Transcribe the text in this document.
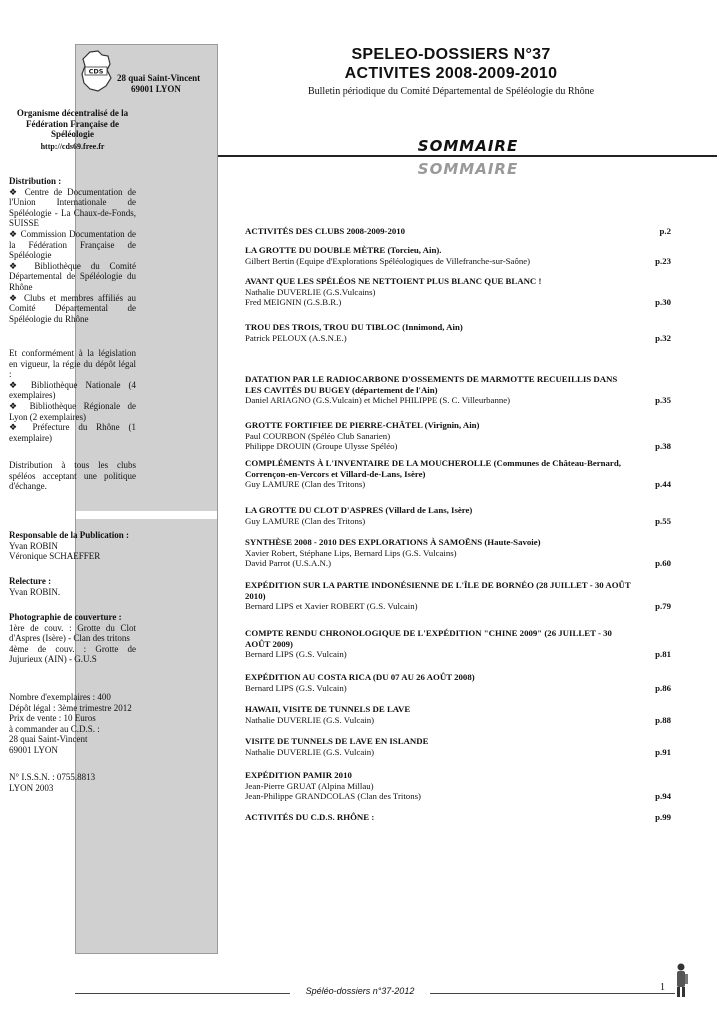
CDS
28 quai Saint-Vincent
69001 LYON

Organisme décentralisé de la Fédération Française de Spéléologie

http://cds69.free.fr

Distribution :

❖ Centre de Documentation de l'Union Internationale de Spéléologie - La Chaux-de-Fonds, SUISSE

❖ Commission Documentation de la Fédération Française de Spéléologie

❖ Bibliothèque du Comité Départemental de Spéléologie du Rhône

❖ Clubs et membres affiliés au Comité Départemental de Spéléologie du Rhône

Et conformément à la législation en vigueur, la régie du dépôt légal :

❖ Bibliothèque Nationale (4 exemplaires)

❖ Bibliothèque Régionale de Lyon (2 exemplaires)

❖ Préfecture du Rhône (1 exemplaire)

Distribution à tous les clubs spéléos acceptant une politique d'échange.

Responsable de la Publication :

Yvan ROBIN

Véronique SCHAEFFER

Relecture :

Yvan ROBIN.

Photographie de couverture :

1ère de couv. : Grotte du Clot d'Aspres (Isère) - Clan des tritons

4ème de couv. : Grotte de Jujurieux (AIN) - G.U.S

Nombre d'exemplaires : 400

Dépôt légal : 3ème trimestre 2012

Prix de vente : 10 Euros

à commander au C.D.S. :

28 quai Saint-Vincent

69001 LYON

N° I.S.S.N. : 0755.8813

LYON 2003

SPELEO-DOSSIERS N°37
ACTIVITES 2008-2009-2010
Bulletin périodique du Comité Départemental de Spéléologie du Rhône
SOMMAIRE
SOMMAIRE
ACTIVITÉS DES CLUBS 2008-2009-2010	p.2
LA GROTTE DU DOUBLE MÈTRE (Torcieu, Ain).
Gilbert Bertin (Equipe d'Explorations Spéléologiques de Villefranche-sur-Saône)	p.23
AVANT QUE LES SPÉLÉOS NE NETTOIENT PLUS BLANC QUE BLANC !
Nathalie DUVERLIE (G.S.Vulcains)
Fred MEIGNIN (G.S.B.R.)	p.30
TROU DES TROIS, TROU DU TIBLOC (Innimond, Ain)
Patrick PELOUX (A.S.N.E.)	p.32
DATATION PAR LE RADIOCARBONE D'OSSEMENTS DE MARMOTTE RECUEILLIS DANS LES CAVITÉS DU BUGEY (département de l'Ain)
Daniel ARIAGNO (G.S.Vulcain) et Michel PHILIPPE (S. C. Villeurbanne)	p.35
GROTTE FORTIFIEE DE PIERRE-CHÂTEL (Virignin, Ain)
Paul COURBON (Spéléo Club Sanarien)
Philippe DROUIN (Groupe Ulysse Spéléo)	p.38
COMPLÉMENTS À L'INVENTAIRE DE LA MOUCHEROLLE (Communes de Château-Bernard, Corrençon-en-Vercors et Villard-de-Lans, Isère)
Guy LAMURE (Clan des Tritons)	p.44
LA GROTTE DU CLOT D'ASPRES (Villard de Lans, Isère)
Guy LAMURE (Clan des Tritons)	p.55
SYNTHÈSE 2008 - 2010 DES EXPLORATIONS À SAMOËNS (Haute-Savoie)
Xavier Robert, Stéphane Lips, Bernard Lips (G.S. Vulcains)
David Parrot (U.S.A.N.)	p.60
EXPÉDITION SUR LA PARTIE INDONÉSIENNE DE L'ÎLE DE BORNÉO (28 JUILLET - 30 AOÛT 2010)
Bernard LIPS et Xavier ROBERT (G.S. Vulcain)	p.79
COMPTE RENDU CHRONOLOGIQUE DE L'EXPÉDITION "CHINE 2009" (26 JUILLET - 30 AOÛT 2009)
Bernard LIPS (G.S. Vulcain)	p.81
EXPÉDITION AU COSTA RICA (DU 07 AU 26 AOÛT 2008)
Bernard LIPS (G.S. Vulcain)	p.86
HAWAII, VISITE DE TUNNELS DE LAVE
Nathalie DUVERLIE (G.S. Vulcain)	p.88
VISITE DE TUNNELS DE LAVE EN ISLANDE
Nathalie DUVERLIE (G.S. Vulcain)	p.91
EXPÉDITION PAMIR 2010
Jean-Pierre GRUAT (Alpina Millau)
Jean-Philippe GRANDCOLAS (Clan des Tritons)	p.94
ACTIVITÉS DU C.D.S. RHÔNE :	p.99
Spéléo-dossiers n°37-2012	1
